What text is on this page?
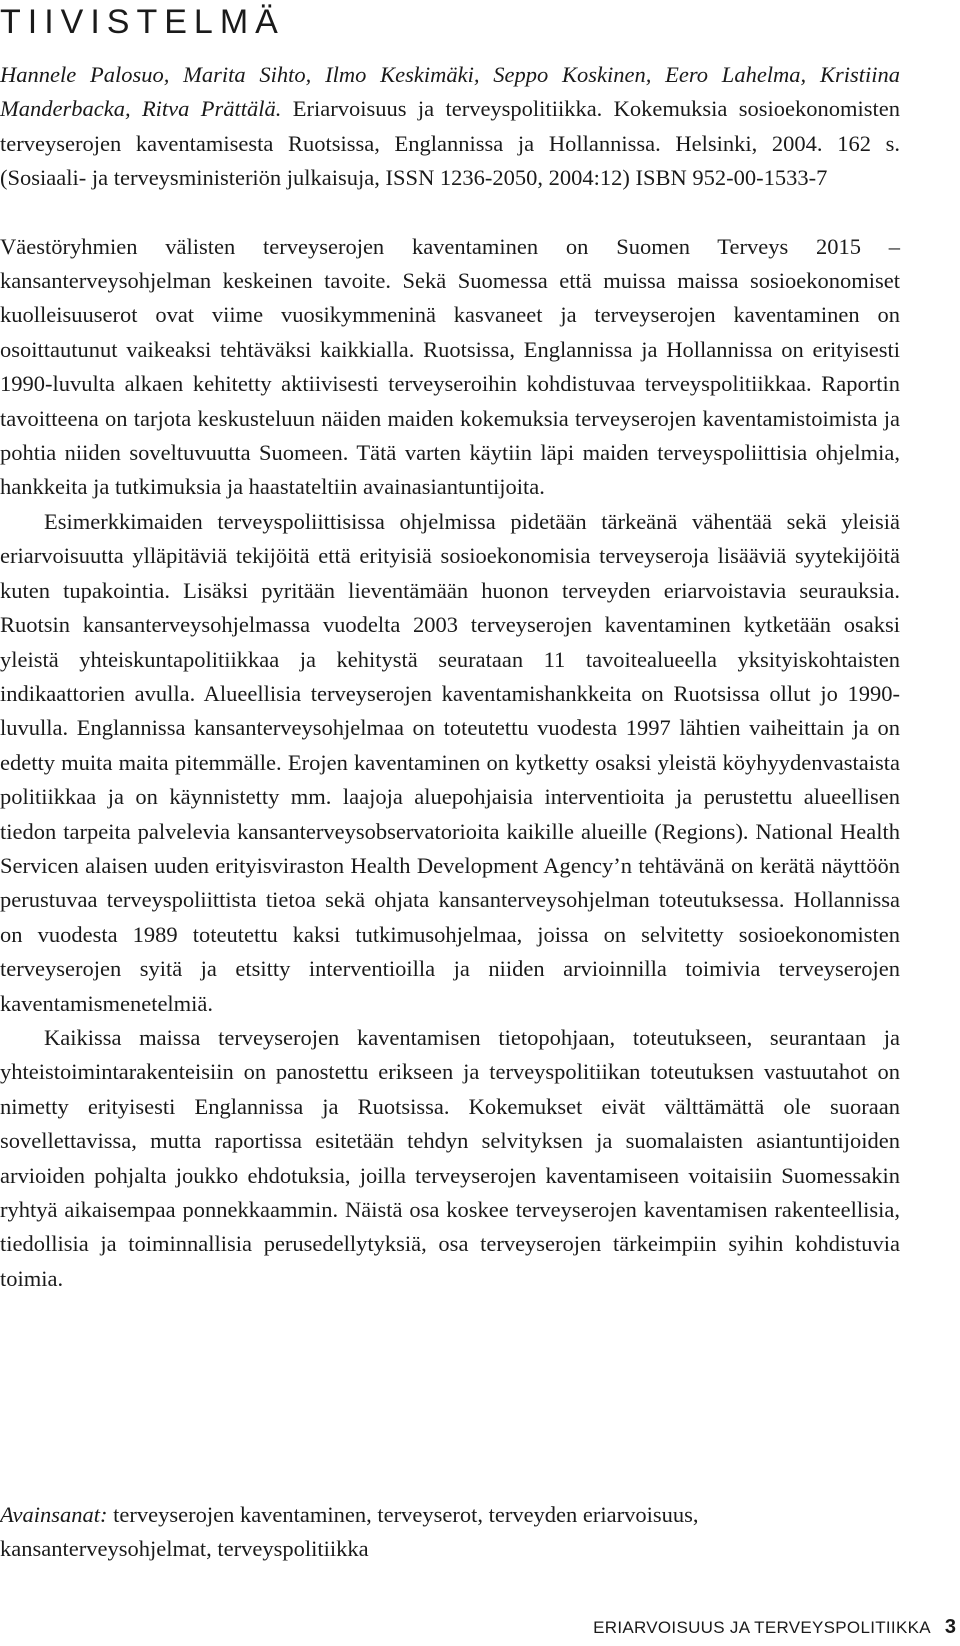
TIIVISTELMÄ

Hannele Palosuo, Marita Sihto, Ilmo Keskimäki, Seppo Koskinen, Eero Lahelma, Kristiina Manderbacka, Ritva Prättälä. Eriarvoisuus ja terveyspolitiikka. Kokemuksia sosioekonomisten terveyserojen kaventamisesta Ruotsissa, Englannissa ja Hollannissa. Helsinki, 2004. 162 s. (Sosiaali- ja terveysministeriön julkaisuja, ISSN 1236-2050, 2004:12) ISBN 952-00-1533-7

Väestöryhmien välisten terveyserojen kaventaminen on Suomen Terveys 2015 – kansanterveysohjelman keskeinen tavoite. Sekä Suomessa että muissa maissa sosioekonomiset kuolleisuuserot ovat viime vuosikymmeninä kasvaneet ja terveyserojen kaventaminen on osoittautunut vaikeaksi tehtäväksi kaikkialla. Ruotsissa, Englannissa ja Hollannissa on erityisesti 1990-luvulta alkaen kehitetty aktiivisesti terveyseroihin kohdistuvaa terveyspolitiikkaa. Raportin tavoitteena on tarjota keskusteluun näiden maiden kokemuksia terveyserojen kaventamistoimista ja pohtia niiden soveltuvuutta Suomeen. Tätä varten käytiin läpi maiden terveyspoliittisia ohjelmia, hankkeita ja tutkimuksia ja haastateltiin avainasiantuntijoita.

Esimerkkimaiden terveyspoliittisissa ohjelmissa pidetään tärkeänä vähentää sekä yleisiä eriarvoisuutta ylläpitäviä tekijöitä että erityisiä sosioekonomisia terveyseroja lisääviä syytekijöitä kuten tupakointia. Lisäksi pyritään lieventämään huonon terveyden eriarvoistavia seurauksia. Ruotsin kansanterveysohjelmassa vuodelta 2003 terveyserojen kaventaminen kytketään osaksi yleistä yhteiskuntapolitiikkaa ja kehitystä seurataan 11 tavoitealueella yksityiskohtaisten indikaattorien avulla. Alueellisia terveyserojen kaventamishankkeita on Ruotsissa ollut jo 1990-luvulla. Englannissa kansanterveysohjelmaa on toteutettu vuodesta 1997 lähtien vaiheittain ja on edetty muita maita pitemmälle. Erojen kaventaminen on kytketty osaksi yleistä köyhyydenvastaista politiikkaa ja on käynnistetty mm. laajoja aluepohjaisia interventioita ja perustettu alueellisen tiedon tarpeita palvelevia kansanterveysobservatorioita kaikille alueille (Regions). National Health Servicen alaisen uuden erityisviraston Health Development Agency’n tehtävänä on kerätä näyttöön perustuvaa terveyspoliittista tietoa sekä ohjata kansanterveysohjelman toteutuksessa. Hollannissa on vuodesta 1989 toteutettu kaksi tutkimusohjelmaa, joissa on selvitetty sosioekonomisten terveyserojen syitä ja etsitty interventioilla ja niiden arvioinnilla toimivia terveyserojen kaventamismenetelmiä.

Kaikissa maissa terveyserojen kaventamisen tietopohjaan, toteutukseen, seurantaan ja yhteistoimintarakenteisiin on panostettu erikseen ja terveyspolitiikan toteutuksen vastuutahot on nimetty erityisesti Englannissa ja Ruotsissa. Kokemukset eivät välttämättä ole suoraan sovellettavissa, mutta raportissa esitetään tehdyn selvityksen ja suomalaisten asiantuntijoiden arvioiden pohjalta joukko ehdotuksia, joilla terveyserojen kaventamiseen voitaisiin Suomessakin ryhtyä aikaisempaa ponnekkaammin. Näistä osa koskee terveyserojen kaventamisen rakenteellisia, tiedollisia ja toiminnallisia perusedellytyksiä, osa terveyserojen tärkeimpiin syihin kohdistuvia toimia.

Avainsanat: terveyserojen kaventaminen, terveyserot, terveyden eriarvoisuus, kansanterveysohjelmat, terveyspolitiikka

ERIARVOISUUS JA TERVEYSPOLITIIKKA 3
